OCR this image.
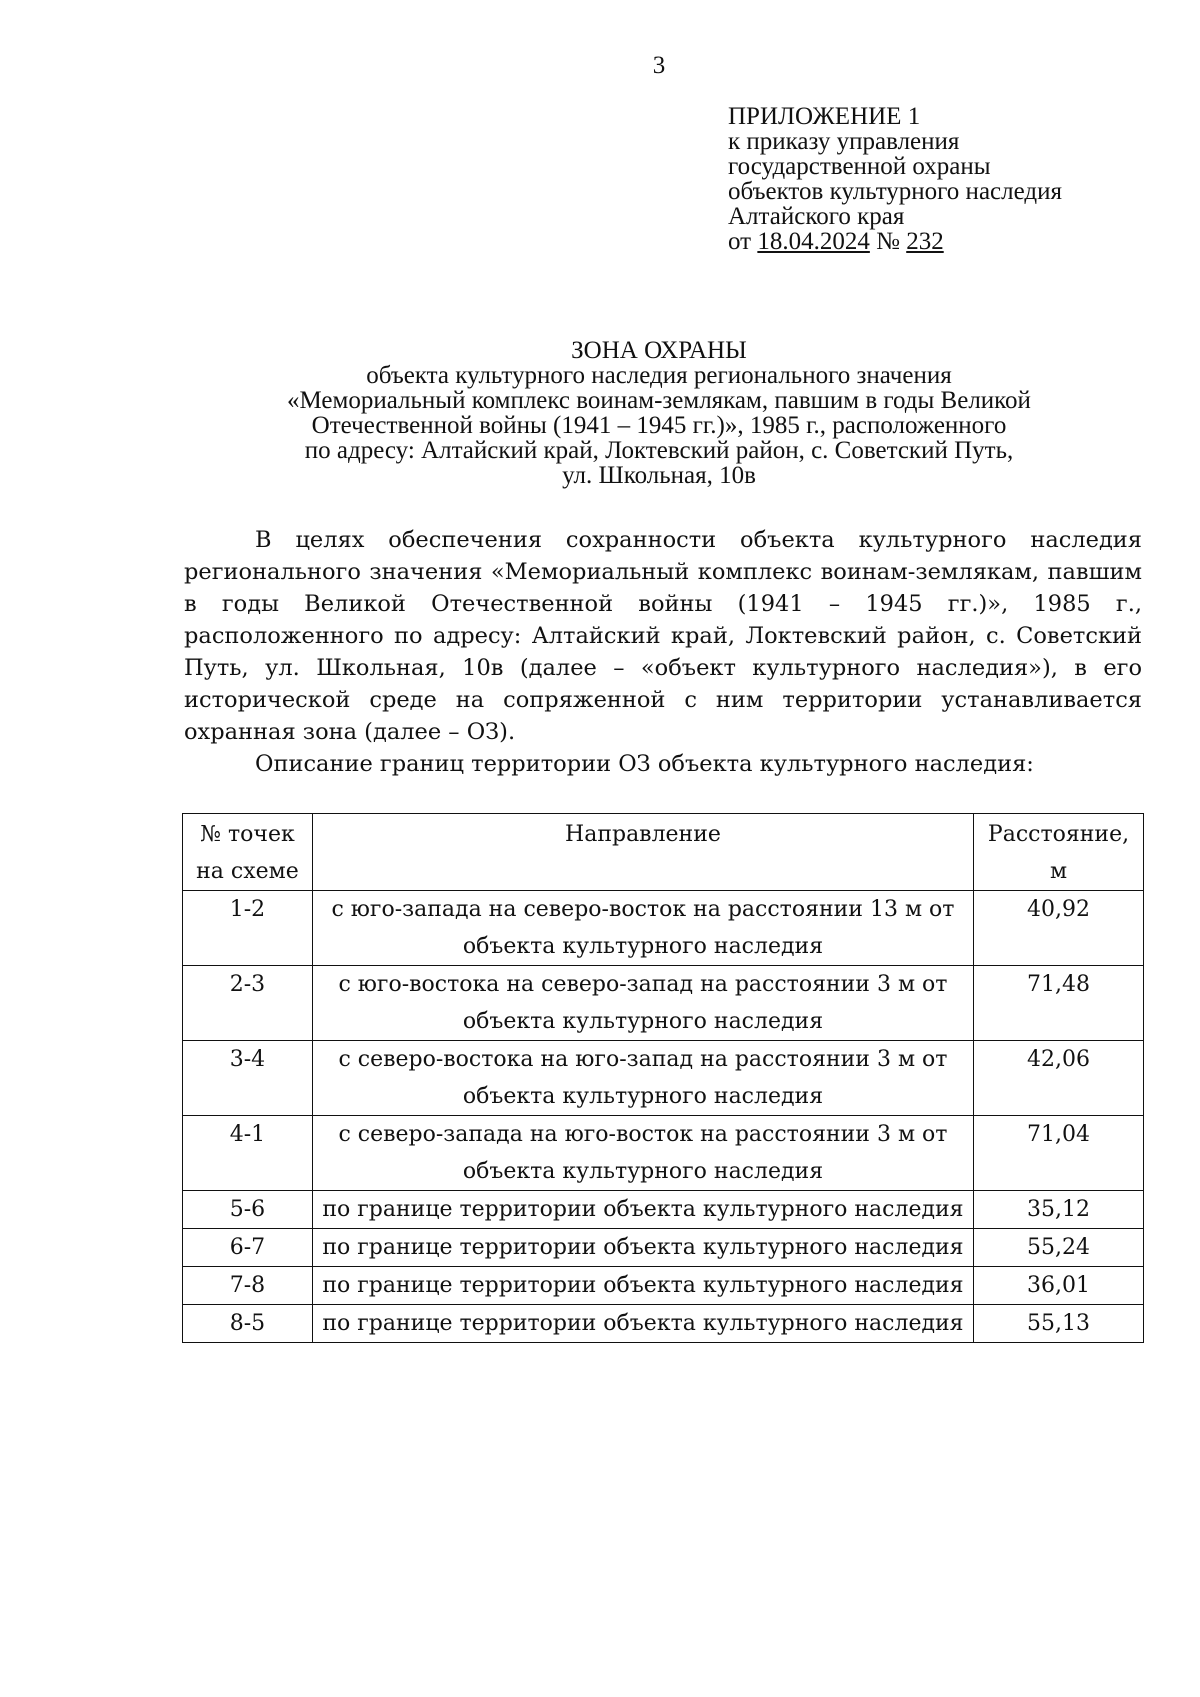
3
ПРИЛОЖЕНИЕ 1
к приказу управления
государственной охраны
объектов культурного наследия
Алтайского края
от 18.04.2024 № 232
ЗОНА ОХРАНЫ
объекта культурного наследия регионального значения
«Мемориальный комплекс воинам-землякам, павшим в годы Великой
Отечественной войны (1941 – 1945 гг.)», 1985 г., расположенного
по адресу: Алтайский край, Локтевский район, с. Советский Путь,
ул. Школьная, 10в

В целях обеспечения сохранности объекта культурного наследия регионального значения «Мемориальный комплекс воинам-землякам, павшим в годы Великой Отечественной войны (1941 – 1945 гг.)», 1985 г., расположенного по адресу: Алтайский край, Локтевский район, с. Советский Путь, ул. Школьная, 10в (далее – «объект культурного наследия»), в его исторической среде на сопряженной с ним территории устанавливается охранная зона (далее – ОЗ).

Описание границ территории ОЗ объекта культурного наследия:

№ точек на схеме	Направление	Расстояние, м
1-2	с юго-запада на северо-восток на расстоянии 13 м от объекта культурного наследия	40,92
2-3	с юго-востока на северо-запад на расстоянии 3 м от объекта культурного наследия	71,48
3-4	с северо-востока на юго-запад на расстоянии 3 м от объекта культурного наследия	42,06
4-1	с северо-запада на юго-восток на расстоянии 3 м от объекта культурного наследия	71,04
5-6	по границе территории объекта культурного наследия	35,12
6-7	по границе территории объекта культурного наследия	55,24
7-8	по границе территории объекта культурного наследия	36,01
8-5	по границе территории объекта культурного наследия	55,13
